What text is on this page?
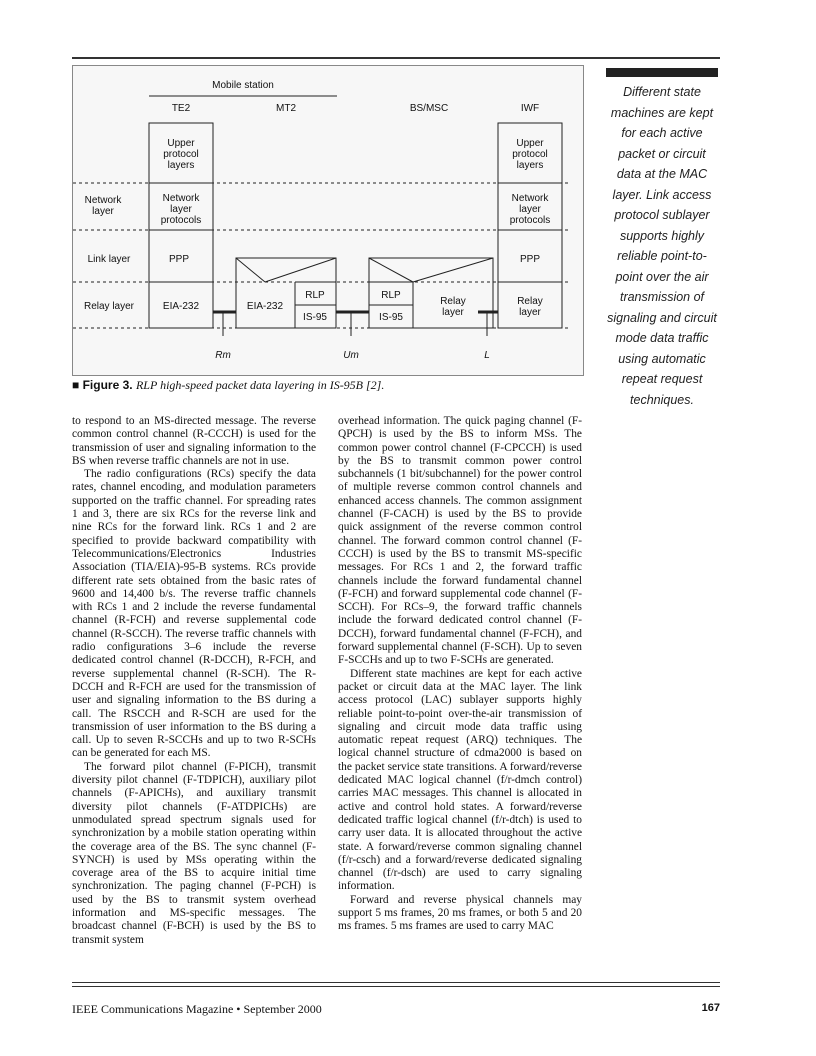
Mobile station
TE2	MT2	BS/MSC	IWF
Upper
protocol
layers
Upper
protocol
layers
Network
layer
Network
layer
protocols
Network
layer
protocols
Link layer	PPP	PPP
Relay layer	EIA-232	EIA-232
RLP
IS-95
RLP
IS-95
Relay
layer
Relay
layer
Rm	Um	L
■ Figure 3. RLP high-speed packet data layering in IS-95B [2].
Different state machines are kept for each active packet or circuit data at the MAC layer. Link access protocol sublayer supports highly reliable point-to-point over the air transmission of signaling and circuit mode data traffic using automatic repeat request techniques.

to respond to an MS-directed message. The reverse common control channel (R-CCCH) is used for the transmission of user and signaling information to the BS when reverse traffic channels are not in use.

The radio configurations (RCs) specify the data rates, channel encoding, and modulation parameters supported on the traffic channel. For spreading rates 1 and 3, there are six RCs for the reverse link and nine RCs for the forward link. RCs 1 and 2 are specified to provide backward compatibility with Telecommunications/Electronics Industries Association (TIA/EIA)-95-B systems. RCs provide different rate sets obtained from the basic rates of 9600 and 14,400 b/s. The reverse traffic channels with RCs 1 and 2 include the reverse fundamental channel (R-FCH) and reverse supplemental code channel (R-SCCH). The reverse traffic channels with radio configurations 3–6 include the reverse dedicated control channel (R-DCCH), R-FCH, and reverse supplemental channel (R-SCH). The R-DCCH and R-FCH are used for the transmission of user and signaling information to the BS during a call. The RSCCH and R-SCH are used for the transmission of user information to the BS during a call. Up to seven R-SCCHs and up to two R-SCHs can be generated for each MS.

The forward pilot channel (F-PICH), transmit diversity pilot channel (F-TDPICH), auxiliary pilot channels (F-APICHs), and auxiliary transmit diversity pilot channels (F-ATDPICHs) are unmodulated spread spectrum signals used for synchronization by a mobile station operating within the coverage area of the BS. The sync channel (F-SYNCH) is used by MSs operating within the coverage area of the BS to acquire initial time synchronization. The paging channel (F-PCH) is used by the BS to transmit system overhead information and MS-specific messages. The broadcast channel (F-BCH) is used by the BS to transmit system

overhead information. The quick paging channel (F-QPCH) is used by the BS to inform MSs. The common power control channel (F-CPCCH) is used by the BS to transmit common power control subchannels (1 bit/subchannel) for the power control of multiple reverse common control channels and enhanced access channels. The common assignment channel (F-CACH) is used by the BS to provide quick assignment of the reverse common control channel. The forward common control channel (F-CCCH) is used by the BS to transmit MS-specific messages. For RCs 1 and 2, the forward traffic channels include the forward fundamental channel (F-FCH) and forward supplemental code channel (F-SCCH). For RCs–9, the forward traffic channels include the forward dedicated control channel (F-DCCH), forward fundamental channel (F-FCH), and forward supplemental channel (F-SCH). Up to seven F-SCCHs and up to two F-SCHs are generated.

Different state machines are kept for each active packet or circuit data at the MAC layer. The link access protocol (LAC) sublayer supports highly reliable point-to-point over-the-air transmission of signaling and circuit mode data traffic using automatic repeat request (ARQ) techniques. The logical channel structure of cdma2000 is based on the packet service state transitions. A forward/reverse dedicated MAC logical channel (f/r-dmch control) carries MAC messages. This channel is allocated in active and control hold states. A forward/reverse dedicated traffic logical channel (f/r-dtch) is used to carry user data. It is allocated throughout the active state. A forward/reverse common signaling channel (f/r-csch) and a forward/reverse dedicated signaling channel (f/r-dsch) are used to carry signaling information.

Forward and reverse physical channels may support 5 ms frames, 20 ms frames, or both 5 and 20 ms frames. 5 ms frames are used to carry MAC

IEEE Communications Magazine • September 2000	167
